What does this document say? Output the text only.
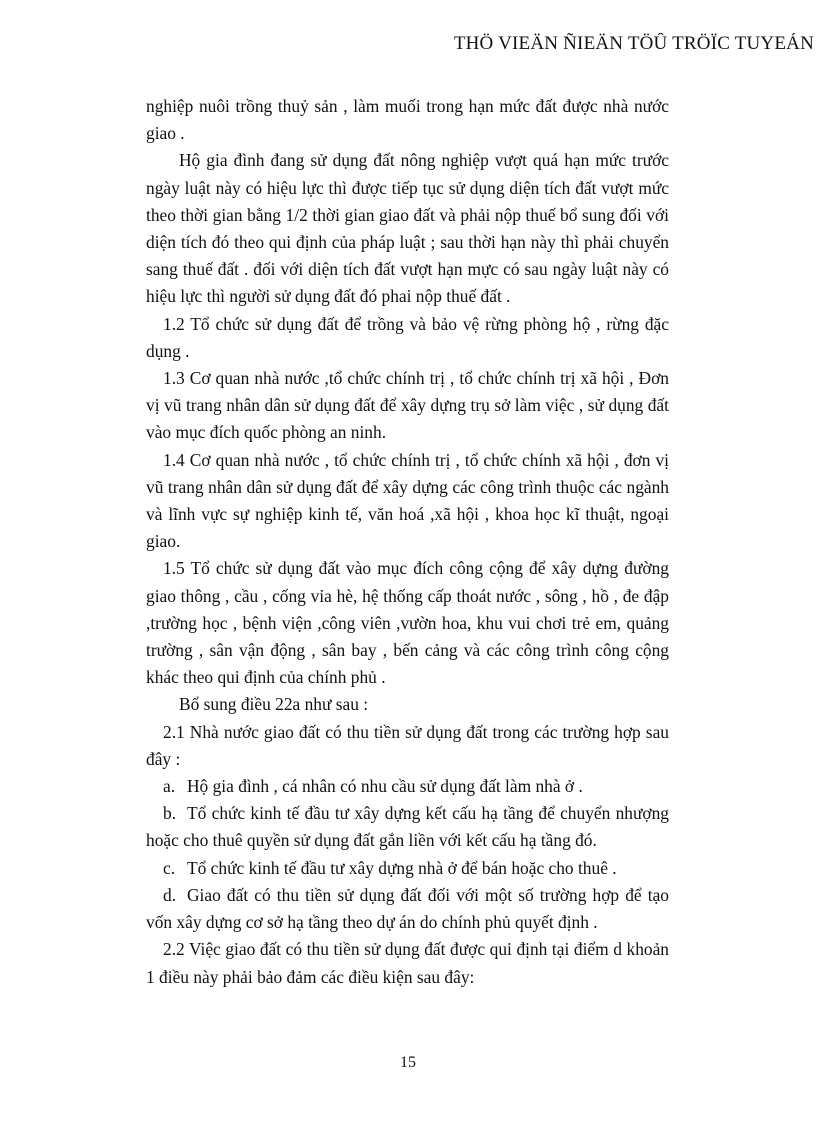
THÖ VIEÄN ÑIEÄN TÖÛ TRÖÏC TUYEÁN

nghiệp nuôi trồng thuỷ sản , làm muối trong hạn mức đất được nhà nước giao .

Hộ gia đình đang sử dụng đất nông nghiệp vượt quá hạn mức trước ngày luật này có hiệu lực thì được tiếp tục sử dụng diện tích đất vượt mức theo thời gian bằng 1/2 thời gian giao đất và phải nộp thuế bổ sung đối với diện tích đó theo qui định của pháp luật ; sau thời hạn này thì phải chuyển sang thuế đất . đối với diện tích đất vượt hạn mực có sau ngày luật này có hiệu lực thì người sử dụng đất đó phai nộp thuế đất .

1.2 Tổ chức sử dụng đất để trồng và bảo vệ rừng phòng hộ , rừng đặc dụng .

1.3 Cơ quan nhà nước ,tổ chức chính trị , tổ chức chính trị xã hội , Đơn vị vũ trang nhân dân sử dụng đất để xây dựng trụ sở làm việc , sử dụng đất vào mục đích quốc phòng an ninh.

1.4 Cơ quan nhà nước , tổ chức chính trị , tổ chức chính xã hội , đơn vị vũ trang nhân dân sử dụng đất để xây dựng các công trình thuộc các ngành và lĩnh vực sự nghiệp kinh tế, văn hoá ,xã hội , khoa học kĩ thuật, ngoại giao.

1.5 Tổ chức sử dụng đất vào mục đích công cộng để xây dựng đường giao thông , cầu , cống vỉa hè, hệ thống cấp thoát nước , sông , hồ , đe đập ,trường học , bệnh viện ,công viên ,vườn hoa, khu vui chơi trẻ em, quảng trường , sân vận động , sân bay , bến cảng và các công trình công cộng khác theo qui định của chính phủ .

Bổ sung điều 22a như sau :

2.1 Nhà nước giao đất có thu tiền sử dụng đất trong các trường hợp sau đây :

a. Hộ gia đình , cá nhân có nhu cầu sử dụng đất làm nhà ở .

b. Tổ chức kinh tế đầu tư xây dựng kết cấu hạ tầng để chuyển nhượng hoặc cho thuê quyền sử dụng đất gắn liền với kết cấu hạ tầng đó.

c. Tổ chức kinh tế đầu tư xây dựng nhà ở để bán hoặc cho thuê .

d. Giao đất có thu tiền sử dụng đất đối với một số trường hợp để tạo vốn xây dựng cơ sở hạ tầng theo dự án do chính phủ quyết định .

2.2 Việc giao đất có thu tiền sử dụng đất được qui định tại điểm d khoản 1 điều này phải bảo đảm các điều kiện sau đây:

15
